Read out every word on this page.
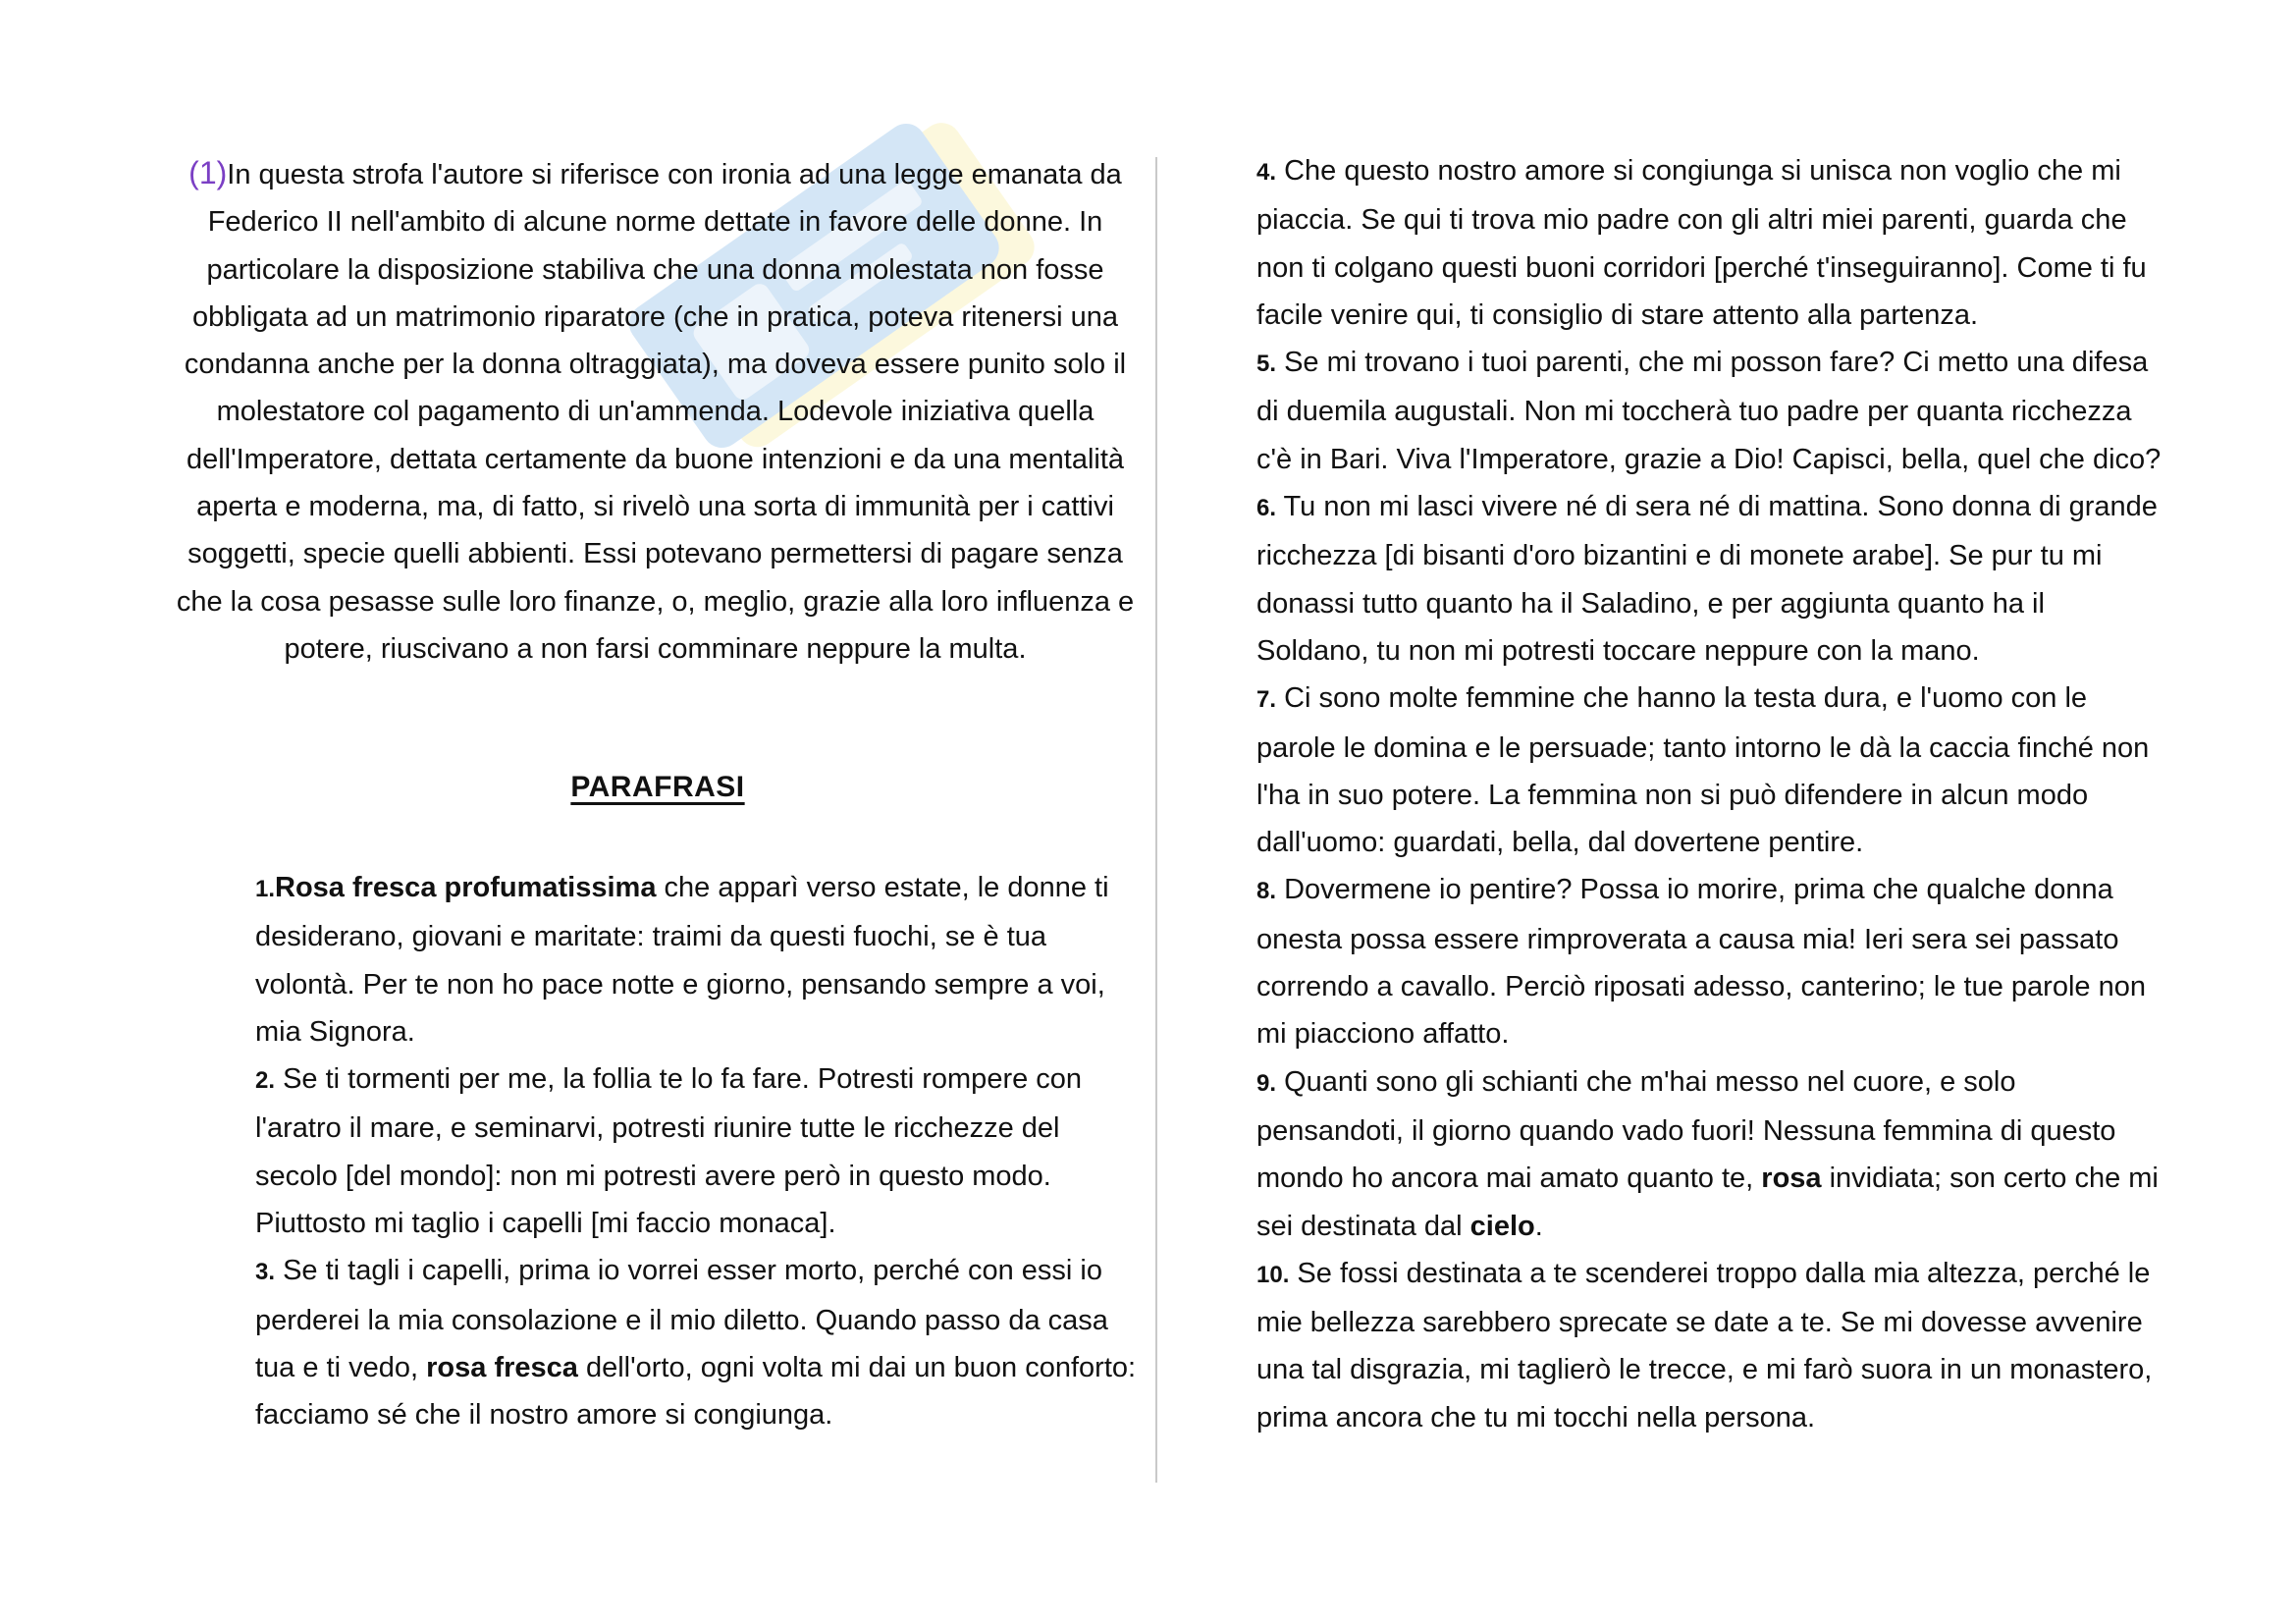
(1)In questa strofa l'autore si riferisce con ironia ad una legge emanata da Federico II nell'ambito di alcune norme dettate in favore delle donne. In particolare la disposizione stabiliva che una donna molestata non fosse obbligata ad un matrimonio riparatore (che in pratica, poteva ritenersi una condanna anche per la donna oltraggiata), ma doveva essere punito solo il molestatore col pagamento di un'ammenda. Lodevole iniziativa quella dell'Imperatore, dettata certamente da buone intenzioni e da una mentalità aperta e moderna, ma, di fatto, si rivelò una sorta di immunità per i cattivi soggetti, specie quelli abbienti. Essi potevano permettersi di pagare senza che la cosa pesasse sulle loro finanze, o, meglio, grazie alla loro influenza e potere, riuscivano a non farsi comminare neppure la multa.
PARAFRASI

1.Rosa fresca profumatissima che apparì verso estate, le donne ti desiderano, giovani e maritate: traimi da questi fuochi, se è tua volontà. Per te non ho pace notte e giorno, pensando sempre a voi, mia Signora.

2. Se ti tormenti per me, la follia te lo fa fare. Potresti rompere con l'aratro il mare, e seminarvi, potresti riunire tutte le ricchezze del secolo [del mondo]: non mi potresti avere però in questo modo. Piuttosto mi taglio i capelli [mi faccio monaca].

3. Se ti tagli i capelli, prima io vorrei esser morto, perché con essi io perderei la mia consolazione e il mio diletto. Quando passo da casa tua e ti vedo, rosa fresca dell'orto, ogni volta mi dai un buon conforto: facciamo sé che il nostro amore si congiunga.

4. Che questo nostro amore si congiunga si unisca non voglio che mi piaccia. Se qui ti trova mio padre con gli altri miei parenti, guarda che non ti colgano questi buoni corridori [perché t'inseguiranno]. Come ti fu facile venire qui, ti consiglio di stare attento alla partenza.

5. Se mi trovano i tuoi parenti, che mi posson fare? Ci metto una difesa di duemila augustali. Non mi toccherà tuo padre per quanta ricchezza c'è in Bari. Viva l'Imperatore, grazie a Dio! Capisci, bella, quel che dico?

6. Tu non mi lasci vivere né di sera né di mattina. Sono donna di grande ricchezza [di bisanti d'oro bizantini e di monete arabe]. Se pur tu mi donassi tutto quanto ha il Saladino, e per aggiunta quanto ha il Soldano, tu non mi potresti toccare neppure con la mano.

7. Ci sono molte femmine che hanno la testa dura, e l'uomo con le parole le domina e le persuade; tanto intorno le dà la caccia finché non l'ha in suo potere. La femmina non si può difendere in alcun modo dall'uomo: guardati, bella, dal dovertene pentire.

8. Dovermene io pentire? Possa io morire, prima che qualche donna onesta possa essere rimproverata a causa mia! Ieri sera sei passato correndo a cavallo. Perciò riposati adesso, canterino; le tue parole non mi piacciono affatto.

9. Quanti sono gli schianti che m'hai messo nel cuore, e solo pensandoti, il giorno quando vado fuori! Nessuna femmina di questo mondo ho ancora mai amato quanto te, rosa invidiata; son certo che mi sei destinata dal cielo.

10. Se fossi destinata a te scenderei troppo dalla mia altezza, perché le mie bellezza sarebbero sprecate se date a te. Se mi dovesse avvenire una tal disgrazia, mi taglierò le trecce, e mi farò suora in un monastero, prima ancora che tu mi tocchi nella persona.
